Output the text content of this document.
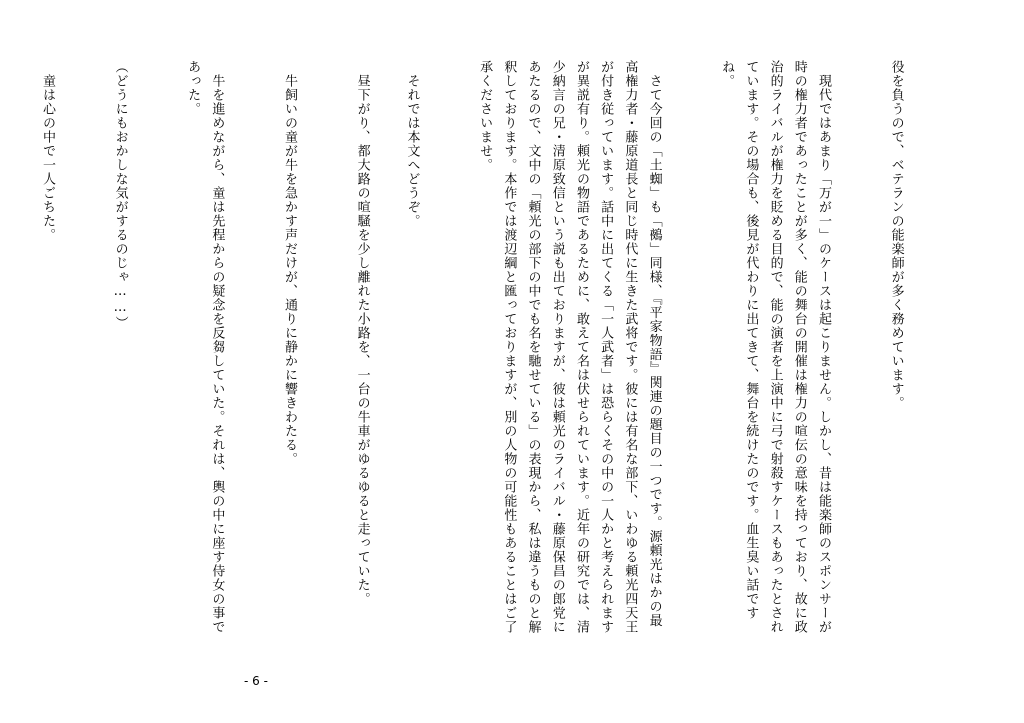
　昼下がり、都大路の喧騒を少し離れた小路を、一台の牛車がゆるゆると走っていた。

　牛飼いの童が牛を急かす声だけが、通りに静かに響きわたる。

　牛を進めながら、童は先程からの疑念を反芻していた。それは、輿の中に座す侍女の事であった。

（どうにもおかしな気がするのじゃ……）

　童は心の中で一人ごちた。

- 6 -

役を負うので、ベテランの能楽師が多く務めています。

　現代ではあまり「万が一」のケースは起こりません。しかし、昔は能楽師のスポンサーが時の権力者であったことが多く、能の舞台の開催は権力の喧伝の意味を持っており、故に政治的ライバルが権力を貶める目的で、能の演者を上演中に弓で射殺すケースもあったとされています。その場合も、後見が代わりに出てきて、舞台を続けたのです。血生臭い話ですね。

　さて今回の「土蜘」も「鵺」同様、『平家物語』関連の題目の一つです。源頼光はかの最高権力者・藤原道長と同じ時代に生きた武将です。彼には有名な部下、いわゆる頼光四天王が付き従っています。話中に出てくる「一人武者」は恐らくその中の一人かと考えられますが異説有り。頼光の物語であるために、敢えて名は伏せられています。近年の研究では、清少納言の兄・清原致信という説も出ておりますが、彼は頼光のライバル・藤原保昌の郎党にあたるので、文中の「頼光の部下の中でも名を馳せている」の表現から、私は違うものと解釈しております。本作では渡辺綱と匯っておりますが、別の人物の可能性もあることはご了承くださいませ。

　それでは本文へどうぞ。
